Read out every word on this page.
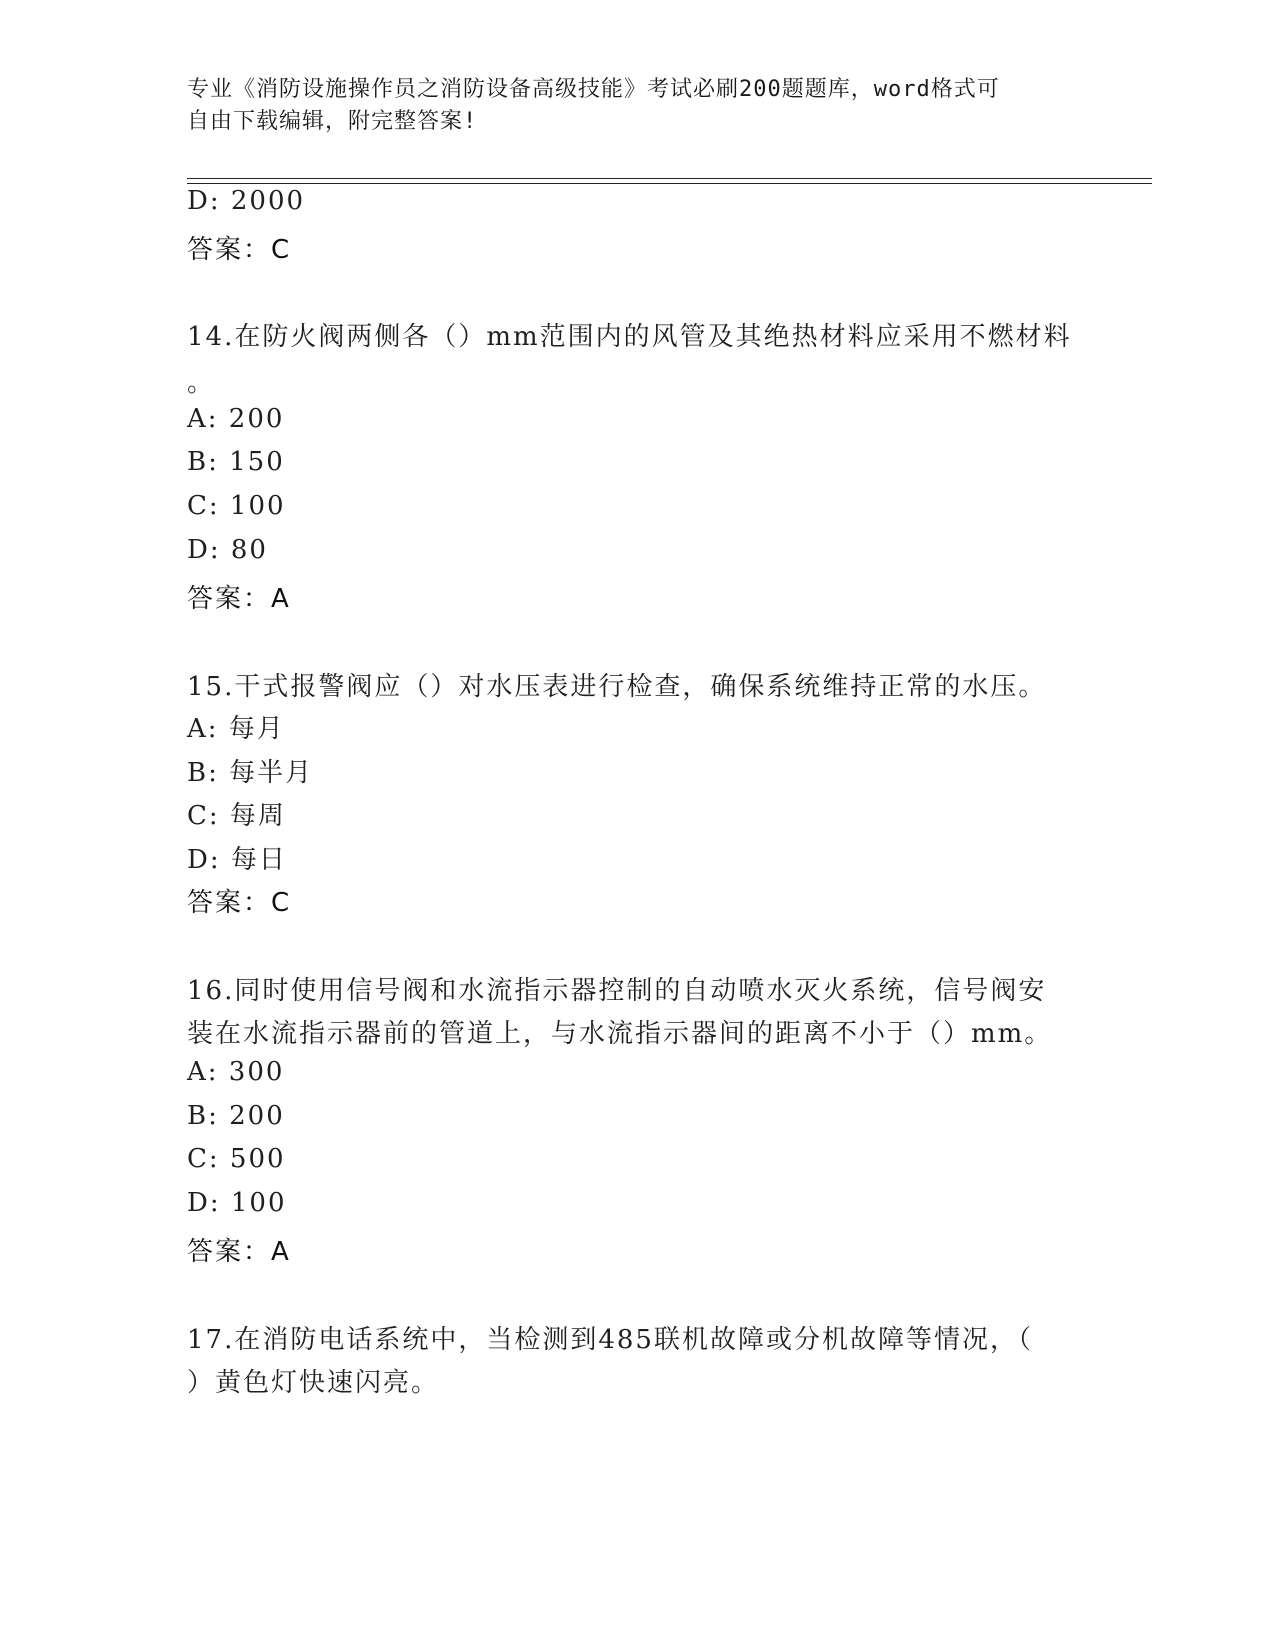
专业《消防设施操作员之消防设备高级技能》考试必刷200题题库，word格式可
自由下载编辑，附完整答案!
D: 2000
答案：C
14.在防火阀两侧各（）mm范围内的风管及其绝热材料应采用不燃材料
。
A: 200
B: 150
C: 100
D: 80
答案：A
15.干式报警阀应（）对水压表进行检查，确保系统维持正常的水压。
A: 每月
B: 每半月
C: 每周
D: 每日
答案：C
16.同时使用信号阀和水流指示器控制的自动喷水灭火系统，信号阀安
装在水流指示器前的管道上，与水流指示器间的距离不小于（）mm。
A: 300
B: 200
C: 500
D: 100
答案：A
17.在消防电话系统中，当检测到485联机故障或分机故障等情况，（
）黄色灯快速闪亮。
